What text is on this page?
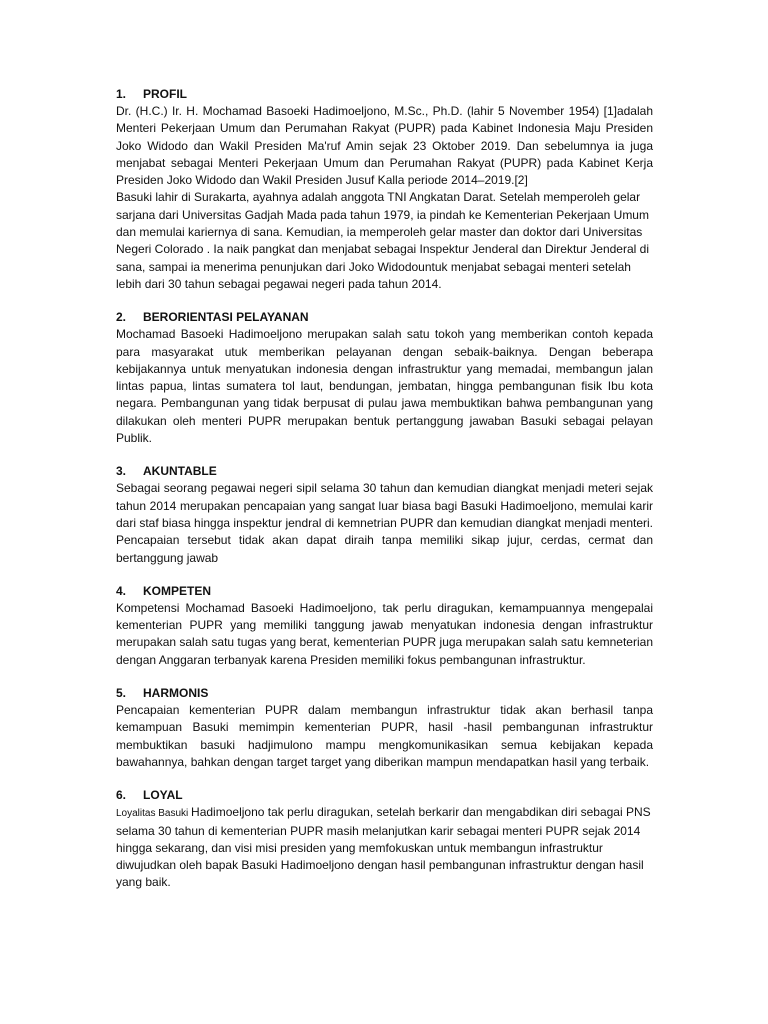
1.	PROFIL

Dr. (H.C.) Ir. H. Mochamad Basoeki Hadimoeljono, M.Sc., Ph.D. (lahir 5 November 1954) [1]adalah Menteri Pekerjaan Umum dan Perumahan Rakyat (PUPR) pada Kabinet Indonesia Maju Presiden Joko Widodo dan Wakil Presiden Ma'ruf Amin sejak 23 Oktober 2019. Dan sebelumnya ia juga menjabat sebagai Menteri Pekerjaan Umum dan Perumahan Rakyat (PUPR) pada Kabinet Kerja Presiden Joko Widodo dan Wakil Presiden Jusuf Kalla periode 2014–2019.[2]

Basuki lahir di Surakarta, ayahnya adalah anggota TNI Angkatan Darat. Setelah memperoleh gelar sarjana dari Universitas Gadjah Mada pada tahun 1979, ia pindah ke Kementerian Pekerjaan Umum dan memulai kariernya di sana. Kemudian, ia memperoleh gelar master dan doktor dari Universitas Negeri Colorado . Ia naik pangkat dan menjabat sebagai Inspektur Jenderal dan Direktur Jenderal di sana, sampai ia menerima penunjukan dari Joko Widodountuk menjabat sebagai menteri setelah lebih dari 30 tahun sebagai pegawai negeri pada tahun 2014.

2.	BERORIENTASI PELAYANAN

Mochamad Basoeki Hadimoeljono merupakan salah satu tokoh yang memberikan contoh kepada para masyarakat utuk memberikan pelayanan dengan sebaik-baiknya. Dengan beberapa kebijakannya untuk menyatukan indonesia dengan infrastruktur yang memadai, membangun jalan lintas papua, lintas sumatera tol laut, bendungan, jembatan, hingga pembangunan fisik Ibu kota negara. Pembangunan yang tidak berpusat di pulau jawa membuktikan bahwa pembangunan yang dilakukan oleh menteri PUPR merupakan bentuk pertanggung jawaban Basuki sebagai pelayan Publik.

3.	AKUNTABLE

Sebagai seorang pegawai negeri sipil selama 30 tahun dan kemudian diangkat menjadi meteri sejak tahun 2014 merupakan pencapaian yang sangat luar biasa bagi Basuki Hadimoeljono, memulai karir dari staf biasa hingga inspektur jendral di kemnetrian PUPR dan kemudian diangkat menjadi menteri. Pencapaian tersebut tidak akan dapat diraih tanpa memiliki sikap jujur, cerdas, cermat dan bertanggung jawab

4.	KOMPETEN

Kompetensi Mochamad Basoeki Hadimoeljono, tak perlu diragukan, kemampuannya mengepalai kementerian PUPR yang memiliki tanggung jawab menyatukan indonesia dengan infrastruktur merupakan salah satu tugas yang berat, kementerian PUPR juga merupakan salah satu kemneterian dengan Anggaran terbanyak karena Presiden memiliki fokus pembangunan infrastruktur.

5.	HARMONIS

Pencapaian kementerian PUPR dalam membangun infrastruktur tidak akan berhasil tanpa kemampuan Basuki memimpin kementerian PUPR, hasil -hasil pembangunan infrastruktur membuktikan basuki hadjimulono mampu mengkomunikasikan semua kebijakan kepada bawahannya, bahkan dengan target target yang diberikan mampun mendapatkan hasil yang terbaik.

6.	LOYAL

Loyalitas Basuki Hadimoeljono tak perlu diragukan, setelah berkarir dan mengabdikan diri sebagai PNS selama 30 tahun di kementerian PUPR masih melanjutkan karir sebagai menteri PUPR sejak 2014 hingga sekarang, dan visi misi presiden yang memfokuskan untuk membangun infrastruktur diwujudkan oleh bapak Basuki Hadimoeljono dengan hasil pembangunan infrastruktur dengan hasil yang baik.
